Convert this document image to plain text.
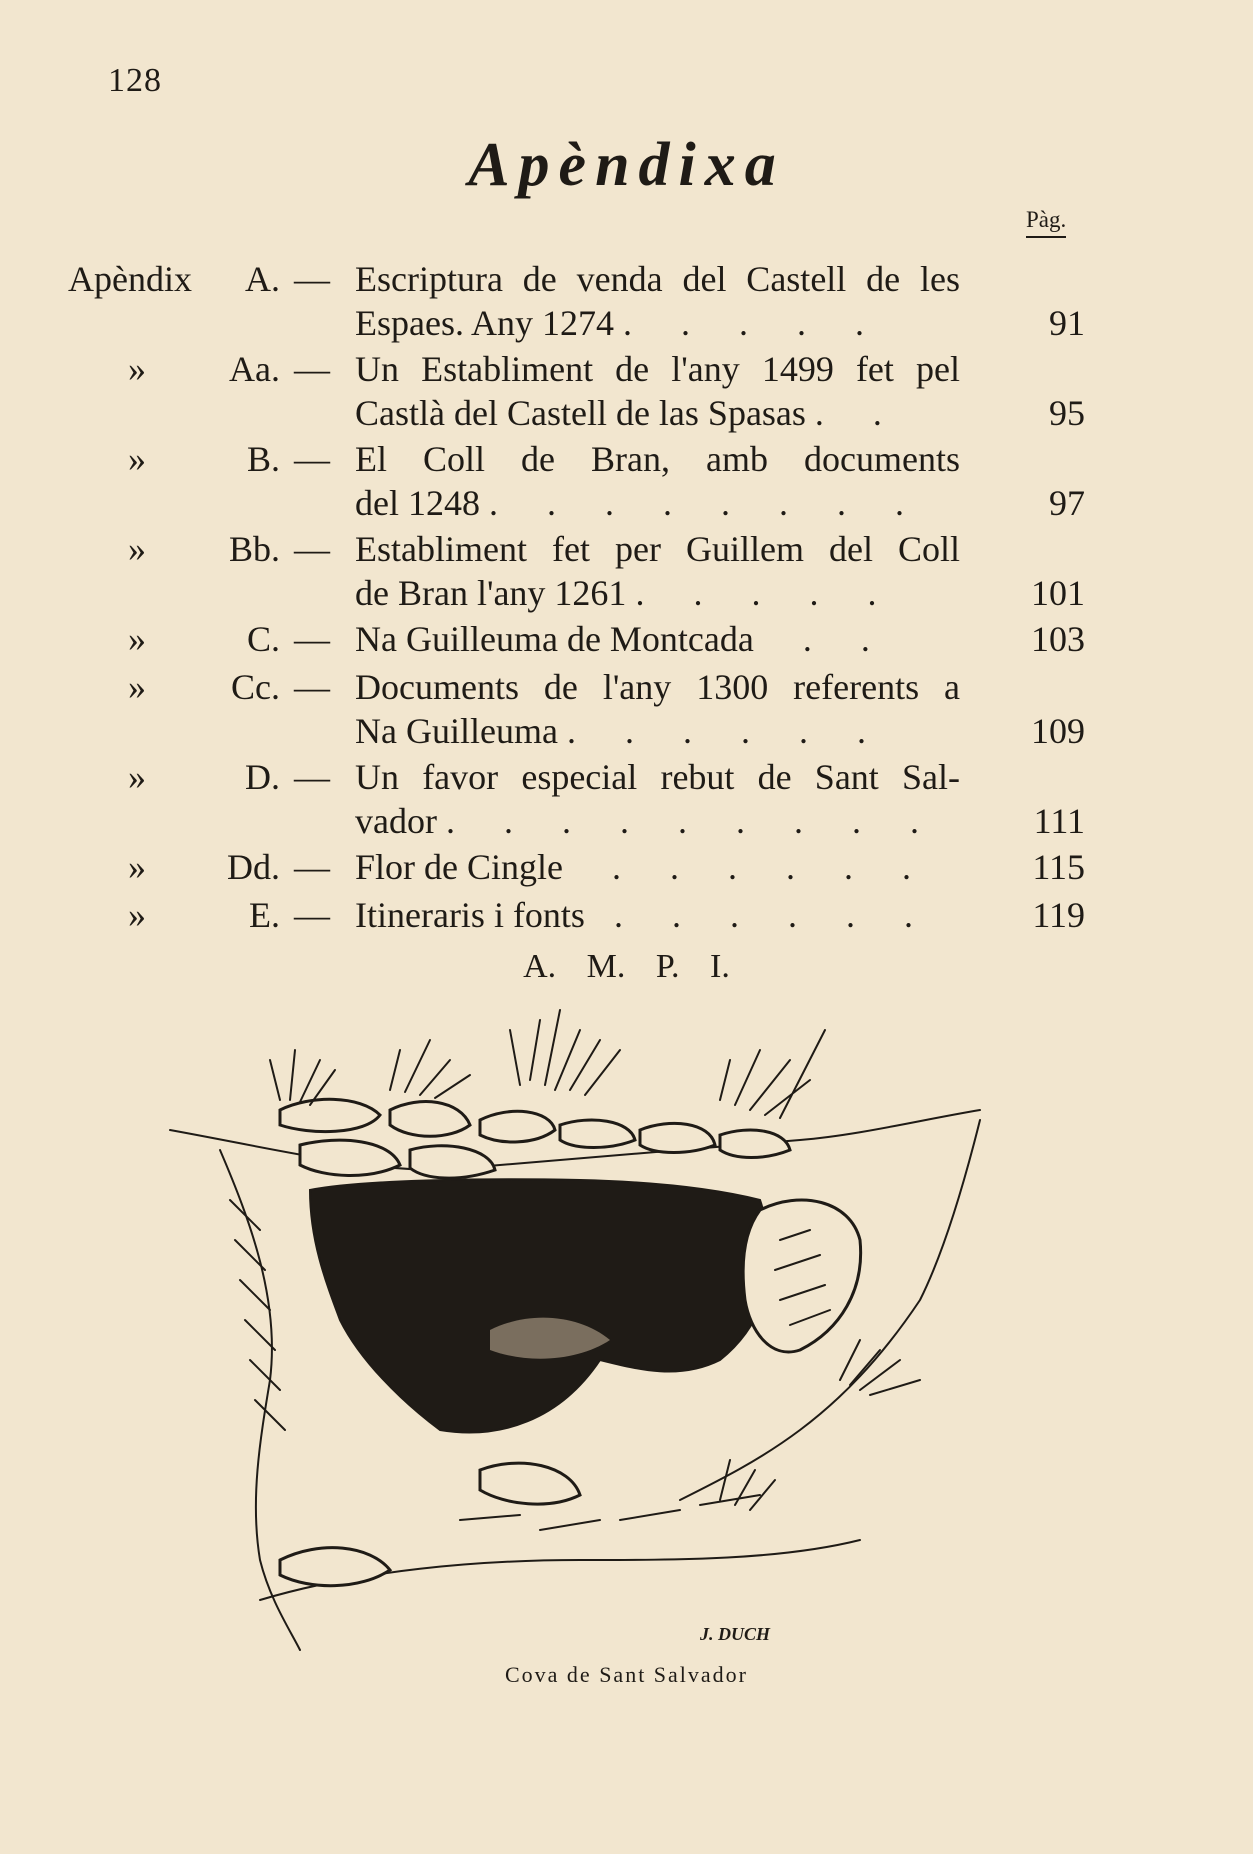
128
Apèndixa
Pàg.
Apèndix	A. — Escriptura de venda del Castell de les
Espaes. Any 1274 . . . . .	91
»	Aa. — Un Establiment de l'any 1499 fet pel
Castlà del Castell de las Spasas . .	95
»	B. — El Coll de Bran, amb documents
del 1248 . . . . . . . .	97
»	Bb. — Establiment fet per Guillem del Coll
de Bran l'any 1261 . . . . .	101
»	C. — Na Guilleuma de Montcada . .	103
»	Cc. — Documents de l'any 1300 referents a
Na Guilleuma . . . . . .	109
»	D. — Un favor especial rebut de Sant Sal-
vador . . . . . . . . .	111
»	Dd. — Flor de Cingle . . . . . .	115
»	E. — Itineraris i fonts . . . . . .	119
A. M. P. I.
J. DUCH
Cova de Sant Salvador
